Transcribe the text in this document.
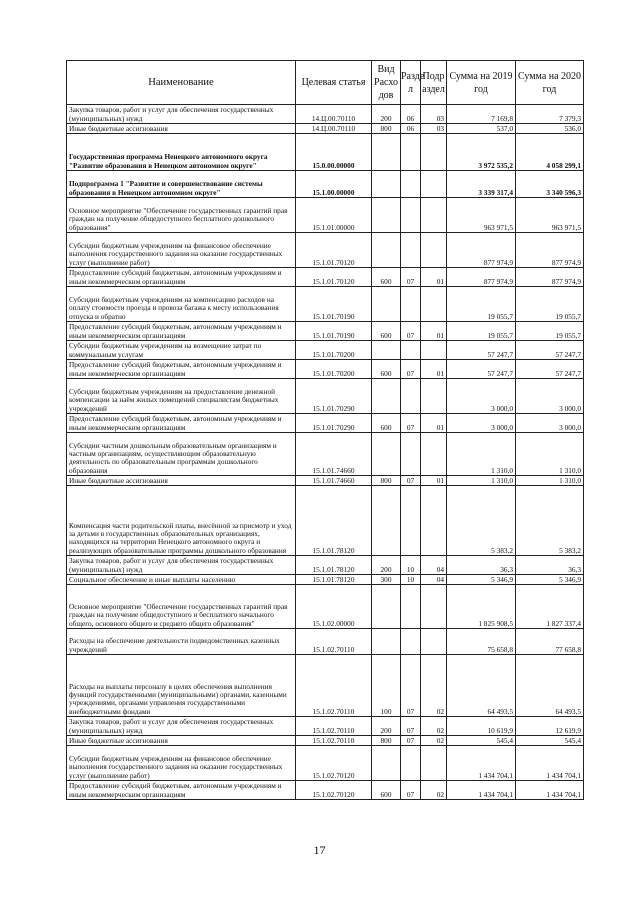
Наименование	Целевая статья	Вид Расхо дов	Разде л	Подр аздел	Сумма на 2019 год	Сумма на 2020 год
Закупка товаров, работ и услуг для обеспечения государственных (муниципальных) нужд	14.Ц.00.70110	200	06	03	7 169,8	7 379,3
Иные бюджетные ассигнования	14.Ц.00.70110	800	06	03	537,0	536,0
Государственная программа Ненецкого автономного округа "Развитие образования в Ненецком автономном округе"	15.0.00.00000				3 972 535,2	4 058 299,1
Подпрограмма 1 "Развитие и совершенствование системы образования в Ненецком автономном округе"	15.1.00.00000				3 339 317,4	3 340 596,3
Основное мероприятие "Обеспечение государственных гарантий прав граждан на получение общедоступного бесплатного дошкольного образования"	15.1.01.00000				963 971,5	963 971,5
Субсидии бюджетным учреждениям на финансовое обеспечение выполнения государственного задания на оказание государственных услуг (выполнение работ)	15.1.01.70120				877 974,9	877 974,9
Предоставление субсидий бюджетным, автономным учреждениям и иным некоммерческим организациям	15.1.01.70120	600	07	01	877 974,9	877 974,9
Субсидии бюджетным учреждениям на компенсацию расходов на оплату стоимости проезда и провоза багажа к месту использования отпуска и обратно	15.1.01.70190				19 055,7	19 055,7
Предоставление субсидий бюджетным, автономным учреждениям и иным некоммерческим организациям	15.1.01.70190	600	07	01	19 055,7	19 055,7
Субсидии бюджетным учреждениям на возмещение затрат по коммунальным услугам	15.1.01.70200				57 247,7	57 247,7
Предоставление субсидий бюджетным, автономным учреждениям и иным некоммерческим организациям	15.1.01.70200	600	07	01	57 247,7	57 247,7
Субсидии бюджетным учреждениям на предоставление денежной компенсации за наём жилых помещений специалистам бюджетных учреждений	15.1.01.70290				3 000,0	3 000,0
Предоставление субсидий бюджетным, автономным учреждениям и иным некоммерческим организациям	15.1.01.70290	600	07	01	3 000,0	3 000,0
Субсидии частным дошкольным образовательным организациям и частным организациям, осуществляющим образовательную деятельность по образовательным программам дошкольного образования	15.1.01.74660				1 310,0	1 310,0
Иные бюджетные ассигнования	15.1.01.74660	800	07	01	1 310,0	1 310,0
Компенсация части родительской платы, внесённой за присмотр и уход за детьми в государственных образовательных организациях, находящихся на территории Ненецкого автономного округа и реализующих образовательные программы дошкольного образования	15.1.01.78120				5 383,2	5 383,2
Закупка товаров, работ и услуг для обеспечения государственных (муниципальных) нужд	15.1.01.78120	200	10	04	36,3	36,3
Социальное обеспечение и иные выплаты населению	15.1.01.78120	300	10	04	5 346,9	5 346,9
Основное мероприятие "Обеспечение государственных гарантий прав граждан на получение общедоступного и бесплатного начального общего, основного общего и среднего общего образования"	15.1.02.00000				1 825 908,5	1 827 337,4
Расходы на обеспечение деятельности подведомственных казенных учреждений	15.1.02.70110				75 658,8	77 658,8
Расходы на выплаты персоналу в целях обеспечения выполнения функций государственными (муниципальными) органами, казенными учреждениями, органами управления государственными внебюджетными фондами	15.1.02.70110	100	07	02	64 493,5	64 493,5
Закупка товаров, работ и услуг для обеспечения государственных (муниципальных) нужд	15.1.02.70110	200	07	02	10 619,9	12 619,9
Иные бюджетные ассигнования	15.1.02.70110	800	07	02	545,4	545,4
Субсидии бюджетным учреждениям на финансовое обеспечение выполнения государственного задания на оказание государственных услуг (выполнение работ)	15.1.02.70120				1 434 704,1	1 434 704,1
Предоставление субсидий бюджетным, автономным учреждениям и иным некоммерческим организациям	15.1.02.70120	600	07	02	1 434 704,1	1 434 704,1
17
